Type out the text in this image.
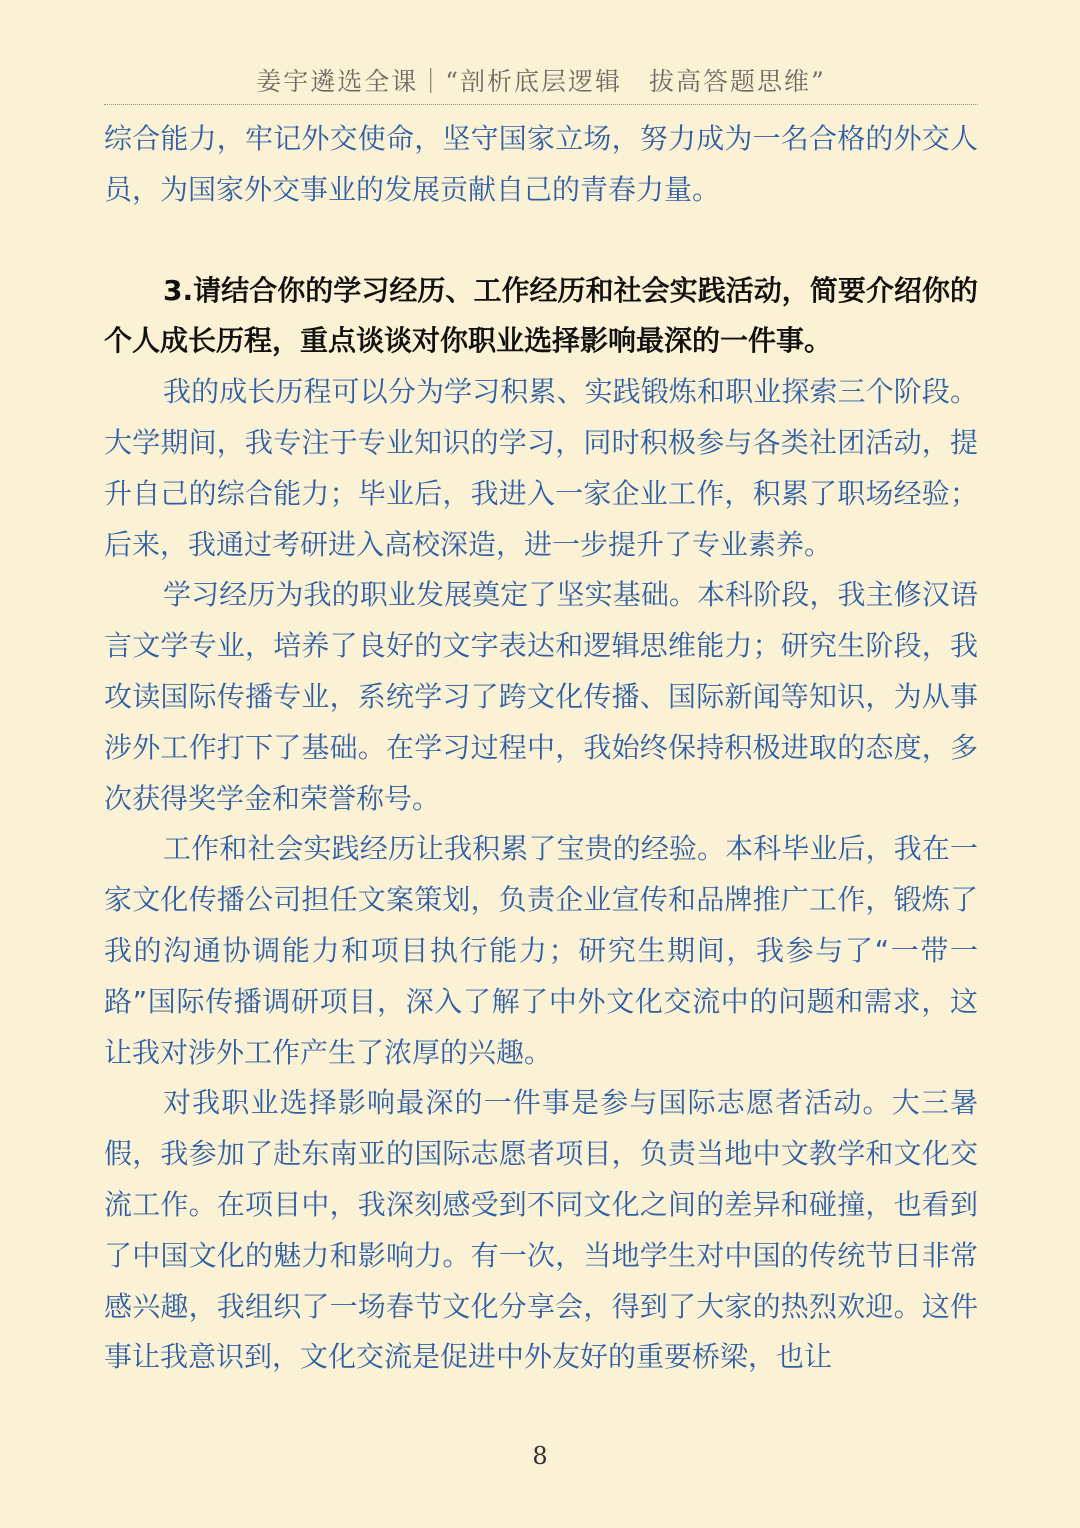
姜宇遴选全课｜“剖析底层逻辑　拔高答题思维”

综合能力，牢记外交使命，坚守国家立场，努力成为一名合格的外交人员，为国家外交事业的发展贡献自己的青春力量。

3.请结合你的学习经历、工作经历和社会实践活动，简要介绍你的个人成长历程，重点谈谈对你职业选择影响最深的一件事。

我的成长历程可以分为学习积累、实践锻炼和职业探索三个阶段。大学期间，我专注于专业知识的学习，同时积极参与各类社团活动，提升自己的综合能力；毕业后，我进入一家企业工作，积累了职场经验；后来，我通过考研进入高校深造，进一步提升了专业素养。

学习经历为我的职业发展奠定了坚实基础。本科阶段，我主修汉语言文学专业，培养了良好的文字表达和逻辑思维能力；研究生阶段，我攻读国际传播专业，系统学习了跨文化传播、国际新闻等知识，为从事涉外工作打下了基础。在学习过程中，我始终保持积极进取的态度，多次获得奖学金和荣誉称号。

工作和社会实践经历让我积累了宝贵的经验。本科毕业后，我在一家文化传播公司担任文案策划，负责企业宣传和品牌推广工作，锻炼了我的沟通协调能力和项目执行能力；研究生期间，我参与了“一带一路”国际传播调研项目，深入了解了中外文化交流中的问题和需求，这让我对涉外工作产生了浓厚的兴趣。

对我职业选择影响最深的一件事是参与国际志愿者活动。大三暑假，我参加了赴东南亚的国际志愿者项目，负责当地中文教学和文化交流工作。在项目中，我深刻感受到不同文化之间的差异和碰撞，也看到了中国文化的魅力和影响力。有一次，当地学生对中国的传统节日非常感兴趣，我组织了一场春节文化分享会，得到了大家的热烈欢迎。这件事让我意识到，文化交流是促进中外友好的重要桥梁，也让

8
